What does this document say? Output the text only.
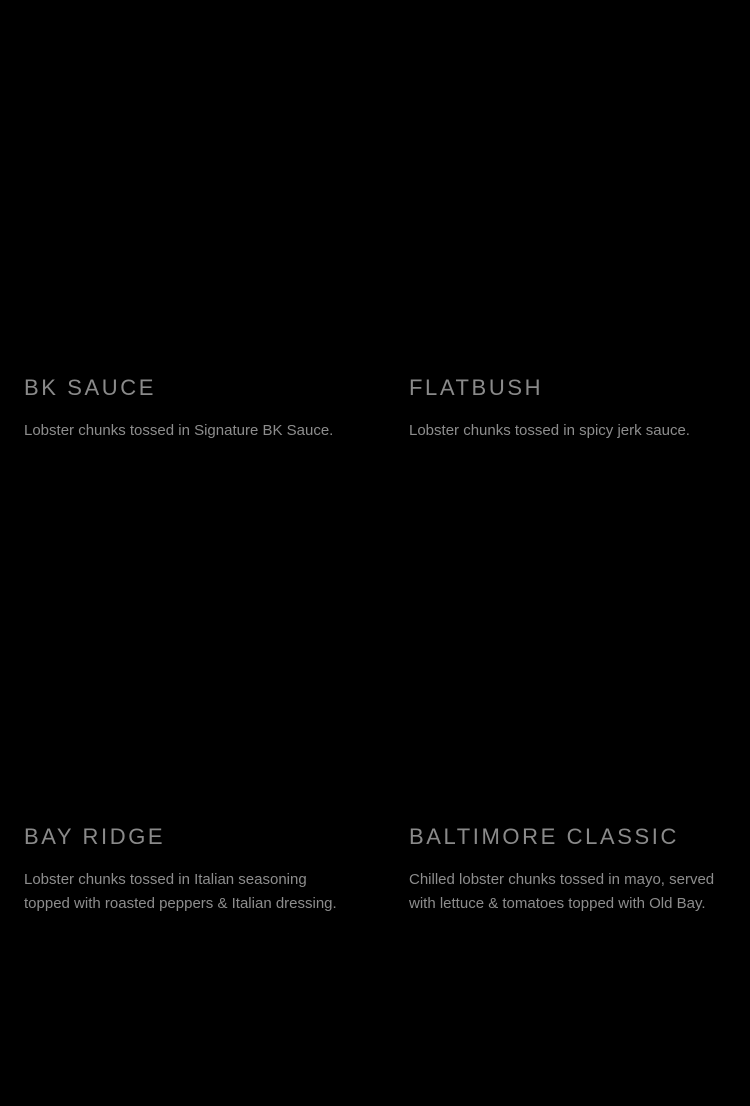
BK SAUCE

Lobster chunks tossed in Signature BK Sauce.

FLATBUSH

Lobster chunks tossed in spicy jerk sauce.

BAY RIDGE

Lobster chunks tossed in Italian seasoning topped with roasted peppers & Italian dressing.

BALTIMORE CLASSIC

Chilled lobster chunks tossed in mayo, served with lettuce & tomatoes topped with Old Bay.
